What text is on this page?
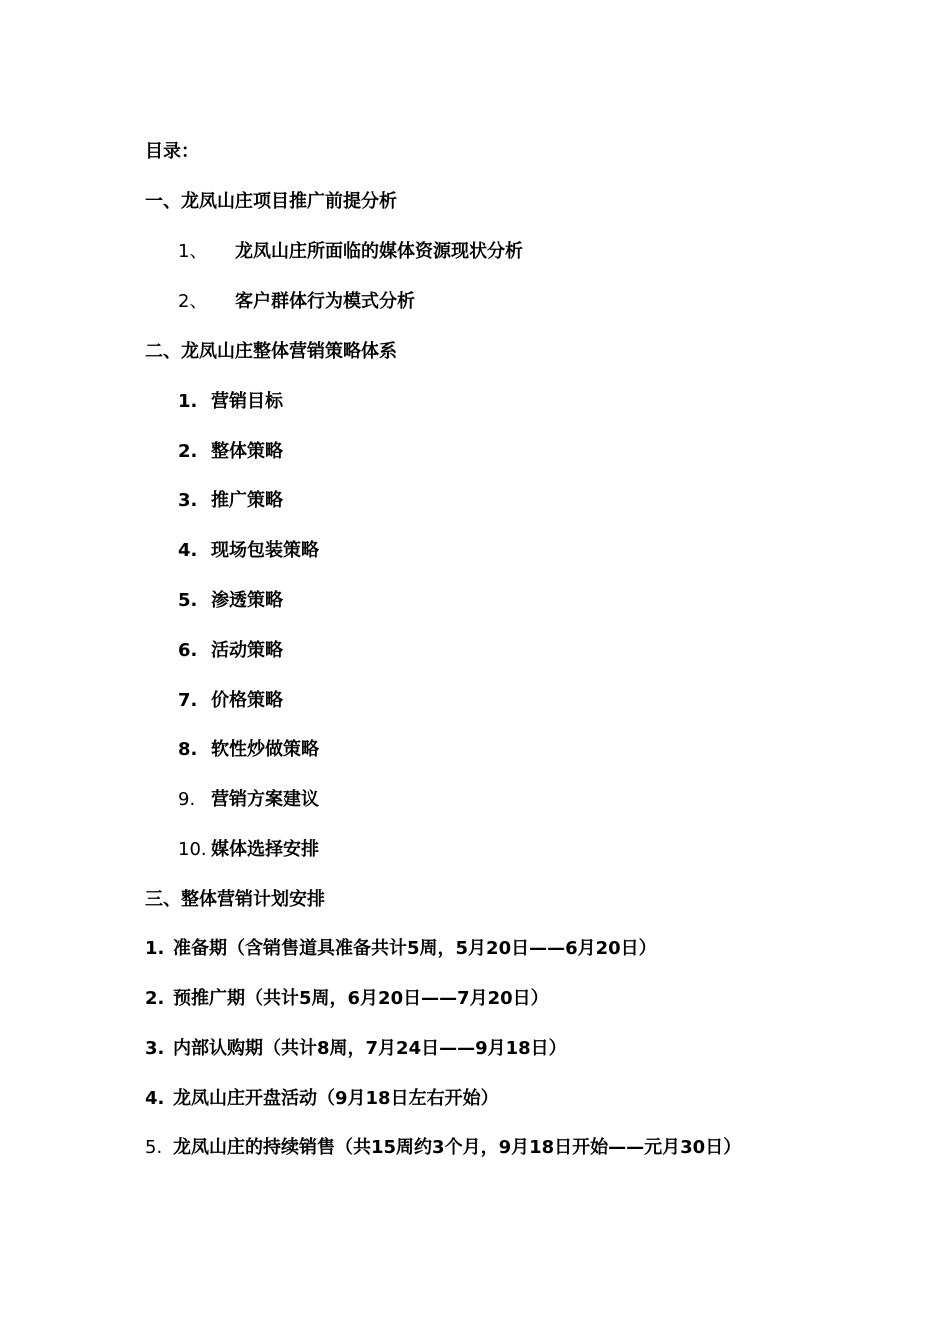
目录：
一、龙凤山庄项目推广前提分析
1、 龙凤山庄所面临的媒体资源现状分析
2、 客户群体行为模式分析
二、龙凤山庄整体营销策略体系
1. 营销目标
2. 整体策略
3. 推广策略
4. 现场包装策略
5. 渗透策略
6. 活动策略
7. 价格策略
8. 软性炒做策略
9. 营销方案建议
10. 媒体选择安排
三、整体营销计划安排
1. 准备期（含销售道具准备共计5周，5月20日——6月20日）
2. 预推广期（共计5周，6月20日——7月20日）
3. 内部认购期（共计8周，7月24日——9月18日）
4. 龙凤山庄开盘活动（9月18日左右开始）
5. 龙凤山庄的持续销售（共15周约3个月，9月18日开始——元月30日）
